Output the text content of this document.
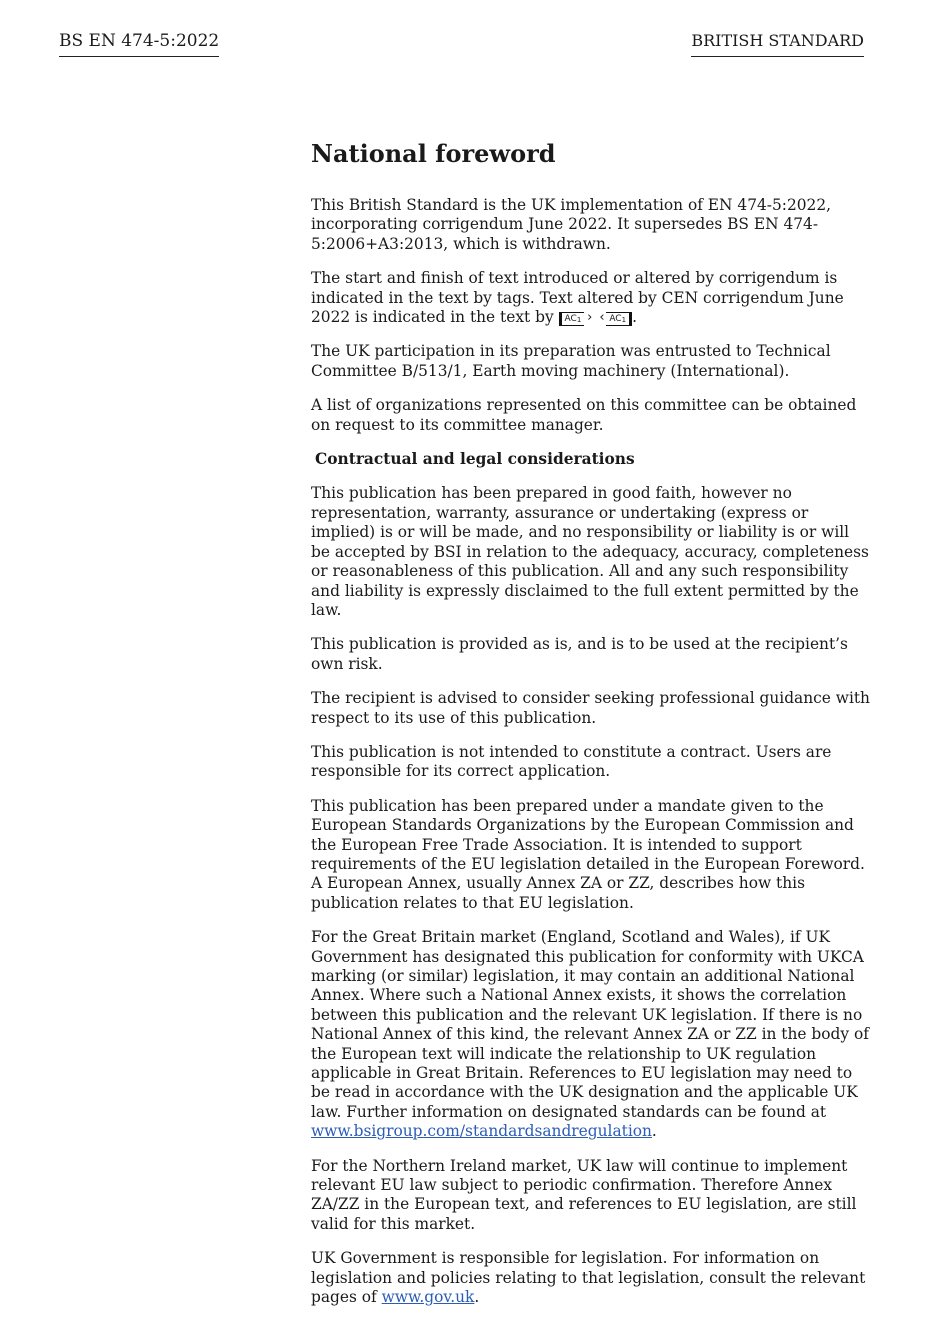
BS EN 474-5:2022	BRITISH STANDARD
National foreword

This British Standard is the UK implementation of EN 474-5:2022, incorporating corrigendum June 2022. It supersedes BS EN 474-5:2006+A3:2013, which is withdrawn.

The start and finish of text introduced or altered by corrigendum is indicated in the text by tags. Text altered by CEN corrigendum June 2022 is indicated in the text by $AC_1$ ›‹	$AC_1$ .

The UK participation in its preparation was entrusted to Technical Committee B/513/1, Earth moving machinery (International).

A list of organizations represented on this committee can be obtained on request to its committee manager.

Contractual and legal considerations

This publication has been prepared in good faith, however no representation, warranty, assurance or undertaking (express or implied) is or will be made, and no responsibility or liability is or will be accepted by BSI in relation to the adequacy, accuracy, completeness or reasonableness of this publication. All and any such responsibility and liability is expressly disclaimed to the full extent permitted by the law.

This publication is provided as is, and is to be used at the recipient’s own risk.

The recipient is advised to consider seeking professional guidance with respect to its use of this publication.

This publication is not intended to constitute a contract. Users are responsible for its correct application.

This publication has been prepared under a mandate given to the European Standards Organizations by the European Commission and the European Free Trade Association. It is intended to support requirements of the EU legislation detailed in the European Foreword. A European Annex, usually Annex ZA or ZZ, describes how this publication relates to that EU legislation.

For the Great Britain market (England, Scotland and Wales), if UK Government has designated this publication for conformity with UKCA marking (or similar) legislation, it may contain an additional National Annex. Where such a National Annex exists, it shows the correlation between this publication and the relevant UK legislation. If there is no National Annex of this kind, the relevant Annex ZA or ZZ in the body of the European text will indicate the relationship to UK regulation applicable in Great Britain. References to EU legislation may need to be read in accordance with the UK designation and the applicable UK law. Further information on designated standards can be found at www.bsigroup.com/standardsandregulation.

For the Northern Ireland market, UK law will continue to implement relevant EU law subject to periodic confirmation. Therefore Annex ZA/ZZ in the European text, and references to EU legislation, are still valid for this market.

UK Government is responsible for legislation. For information on legislation and policies relating to that legislation, consult the relevant pages of www.gov.uk.
